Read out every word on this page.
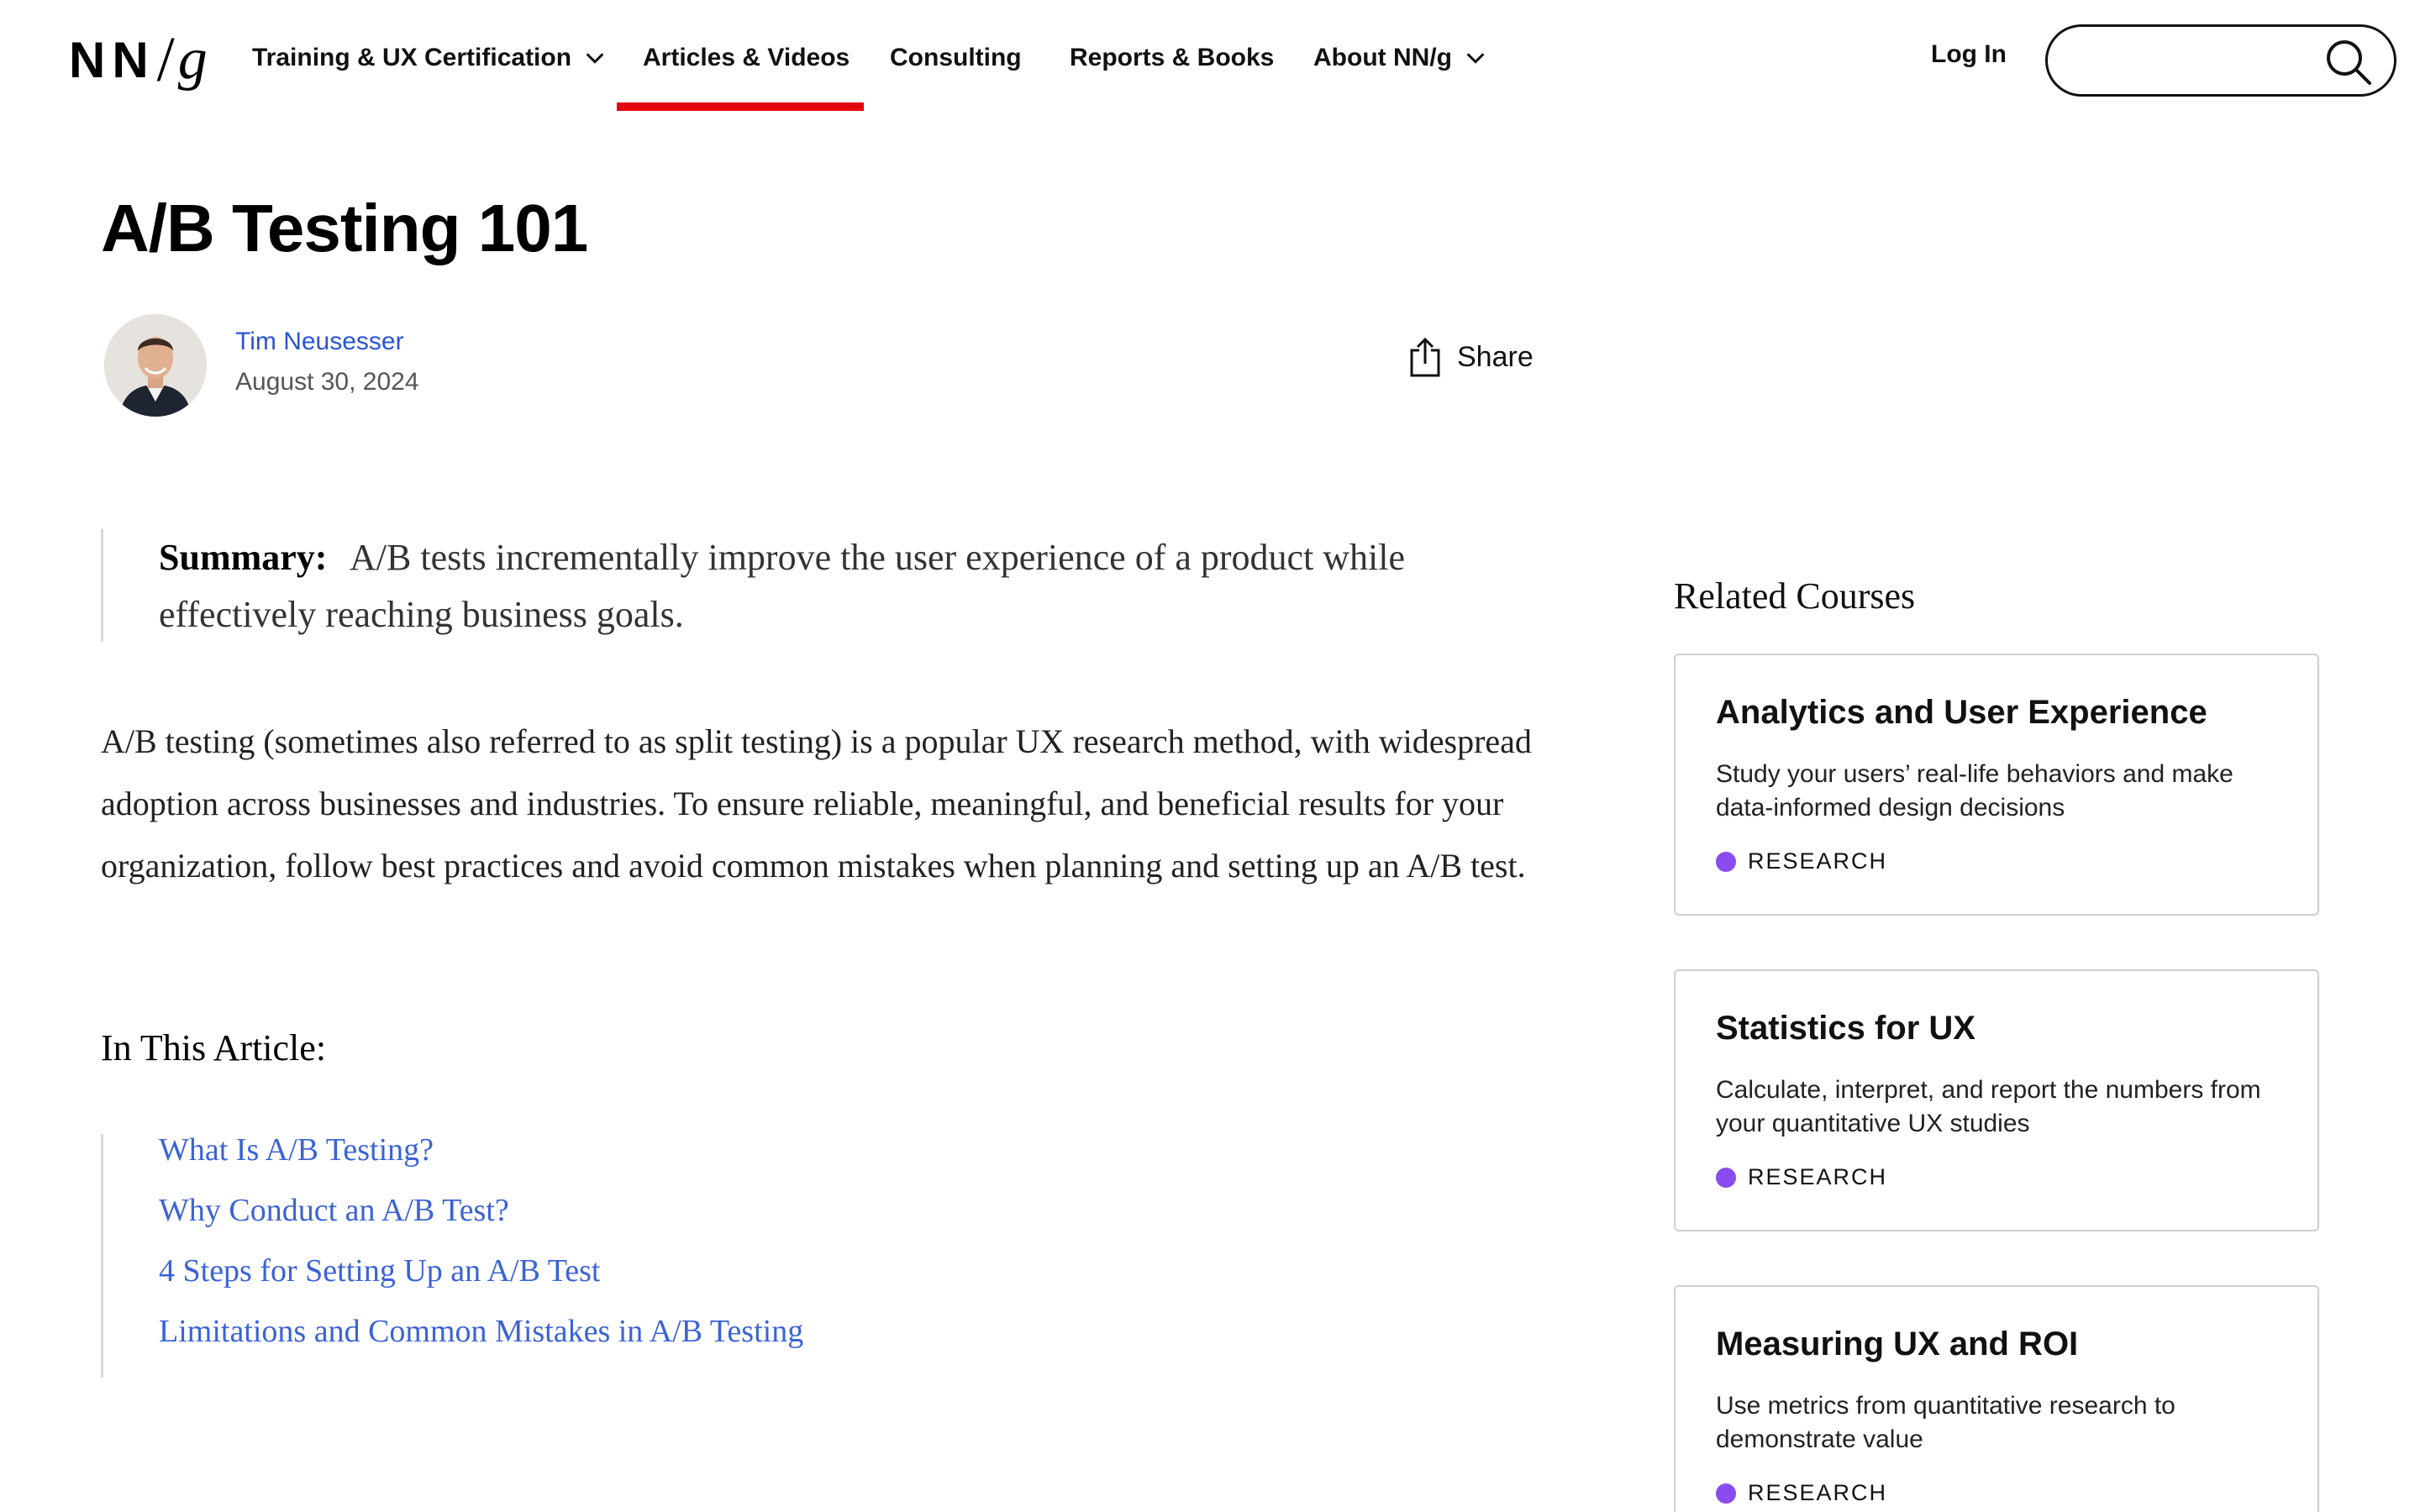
NN / g Training & UX Certification	Articles & Videos Consulting Reports & Books About NN/g	Log In
A/B Testing 101
Tim Neusesser
August 30, 2024
Share
Summary: A/B tests incrementally improve the user experience of a product while effectively reaching business goals.

A/B testing (sometimes also referred to as split testing) is a popular UX research method, with widespread adoption across businesses and industries. To ensure reliable, meaningful, and beneficial results for your organization, follow best practices and avoid common mistakes when planning and setting up an A/B test.

In This Article:
What Is A/B Testing?
Why Conduct an A/B Test?
4 Steps for Setting Up an A/B Test
Limitations and Common Mistakes in A/B Testing
Related Courses
Analytics and User Experience
Study your users’ real-life behaviors and make data-informed design decisions
RESEARCH
Statistics for UX
Calculate, interpret, and report the numbers from your quantitative UX studies
RESEARCH
Measuring UX and ROI
Use metrics from quantitative research to demonstrate value
RESEARCH
